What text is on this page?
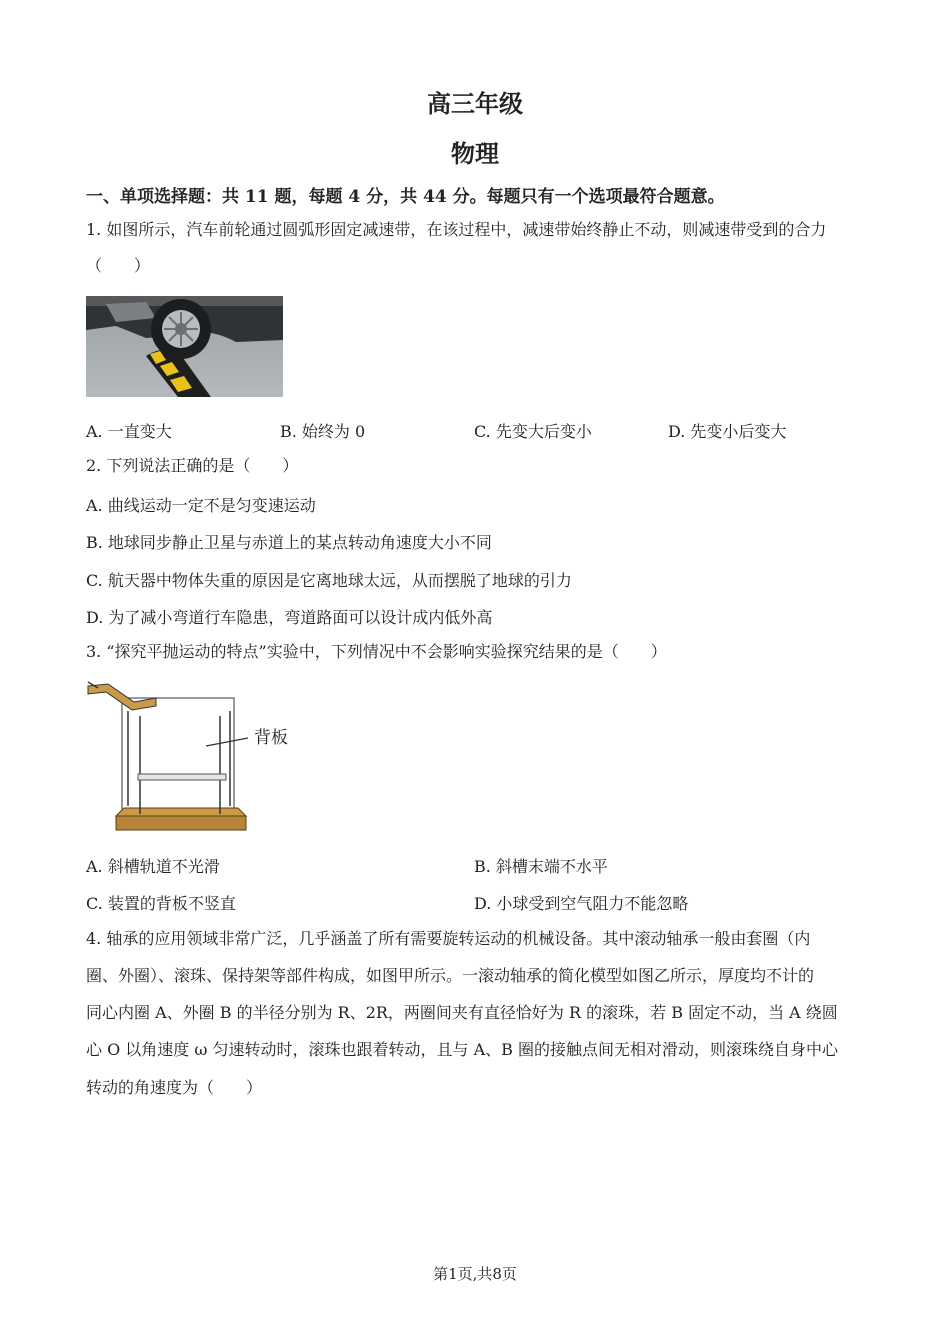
高三年级
物理
一、单项选择题：共 11 题，每题 4 分，共 44 分。每题只有一个选项最符合题意。
1. 如图所示，汽车前轮通过圆弧形固定减速带，在该过程中，减速带始终静止不动，则减速带受到的合力
（　　）
A. 一直变大	B. 始终为 0	C. 先变大后变小	D. 先变小后变大
2. 下列说法正确的是（　　）
A. 曲线运动一定不是匀变速运动
B. 地球同步静止卫星与赤道上的某点转动角速度大小不同
C. 航天器中物体失重的原因是它离地球太远，从而摆脱了地球的引力
D. 为了减小弯道行车隐患，弯道路面可以设计成内低外高
3. “探究平抛运动的特点”实验中，下列情况中不会影响实验探究结果的是（　　）
背板
A. 斜槽轨道不光滑	B. 斜槽末端不水平
C. 装置的背板不竖直	D. 小球受到空气阻力不能忽略
4. 轴承的应用领域非常广泛，几乎涵盖了所有需要旋转运动的机械设备。其中滚动轴承一般由套圈（内
圈、外圈）、滚珠、保持架等部件构成，如图甲所示。一滚动轴承的简化模型如图乙所示，厚度均不计的
同心内圈 A、外圈 B 的半径分别为 R、2R，两圈间夹有直径恰好为 R 的滚珠，若 B 固定不动，当 A 绕圆
心 O 以角速度 ω 匀速转动时，滚珠也跟着转动，且与 A、B 圈的接触点间无相对滑动，则滚珠绕自身中心
转动的角速度为（　　）
第1页,共8页
